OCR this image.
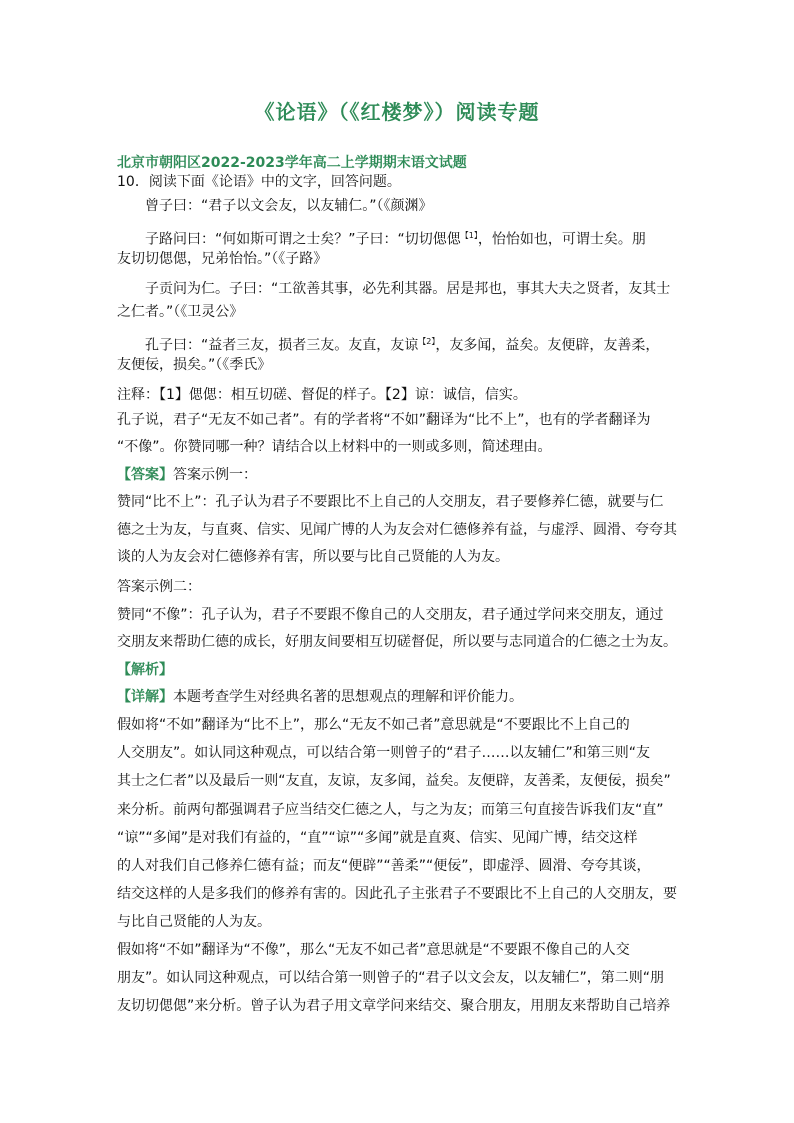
《论语》（《红楼梦》）阅读专题
北京市朝阳区2022-2023学年高二上学期期末语文试题
10．阅读下面《论语》中的文字，回答问题。
曾子曰：“君子以文会友，以友辅仁。”（《颜渊》
子路问曰：“何如斯可谓之士矣？”子曰：“切切偲偲$^{【1】}$，怡怡如也，可谓士矣。朋
友切切偲偲，兄弟怡怡。”（《子路》
子贡问为仁。子曰：“工欲善其事，必先利其器。居是邦也，事其大夫之贤者，友其士
之仁者。”（《卫灵公》
孔子曰：“益者三友，损者三友。友直，友谅$^{【2】}$，友多闻，益矣。友便辟，友善柔，
友便佞，损矣。”（《季氏》
注释：【1】偲偲：相互切磋、督促的样子。【2】谅：诚信，信实。
孔子说，君子“无友不如己者”。有的学者将“不如”翻译为“比不上”，也有的学者翻译为
“不像”。你赞同哪一种？请结合以上材料中的一则或多则，简述理由。
【答案】答案示例一：
赞同“比不上”：孔子认为君子不要跟比不上自己的人交朋友，君子要修养仁德，就要与仁
德之士为友，与直爽、信实、见闻广博的人为友会对仁德修养有益，与虚浮、圆滑、夸夸其
谈的人为友会对仁德修养有害，所以要与比自己贤能的人为友。
答案示例二：
赞同“不像”：孔子认为，君子不要跟不像自己的人交朋友，君子通过学问来交朋友，通过
交朋友来帮助仁德的成长，好朋友间要相互切磋督促，所以要与志同道合的仁德之士为友。
【解析】
【详解】本题考查学生对经典名著的思想观点的理解和评价能力。
假如将“不如”翻译为“比不上”，那么“无友不如己者”意思就是“不要跟比不上自己的
人交朋友”。如认同这种观点，可以结合第一则曾子的“君子……以友辅仁”和第三则“友
其士之仁者”以及最后一则“友直，友谅，友多闻，益矣。友便辟，友善柔，友便佞，损矣”
来分析。前两句都强调君子应当结交仁德之人，与之为友；而第三句直接告诉我们友“直”
“谅”“多闻”是对我们有益的，“直”“谅”“多闻”就是直爽、信实、见闻广博，结交这样
的人对我们自己修养仁德有益；而友“便辟”“善柔”“便佞”，即虚浮、圆滑、夸夸其谈，
结交这样的人是多我们的修养有害的。因此孔子主张君子不要跟比不上自己的人交朋友，要
与比自己贤能的人为友。
假如将“不如”翻译为“不像”，那么“无友不如己者”意思就是“不要跟不像自己的人交
朋友”。如认同这种观点，可以结合第一则曾子的“君子以文会友，以友辅仁”，第二则“朋
友切切偲偲”来分析。曾子认为君子用文章学问来结交、聚合朋友，用朋友来帮助自己培养
